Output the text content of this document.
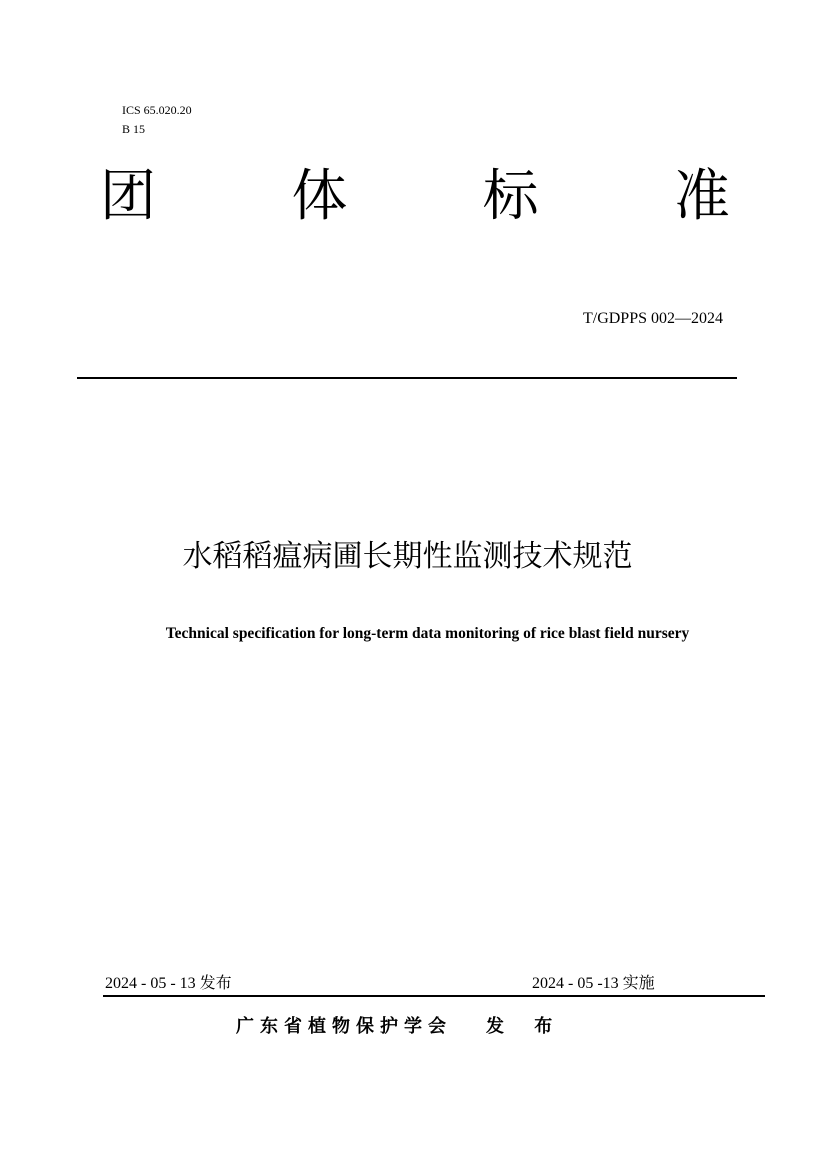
ICS 65.020.20
B 15
团 体 标 准
T/GDPPS 002—2024
水稻稻瘟病圃长期性监测技术规范
Technical specification for long-term data monitoring of rice blast field nursery
2024 - 05 - 13 发布	2024 - 05 -13 实施
广东省植物保护学会 发 布
